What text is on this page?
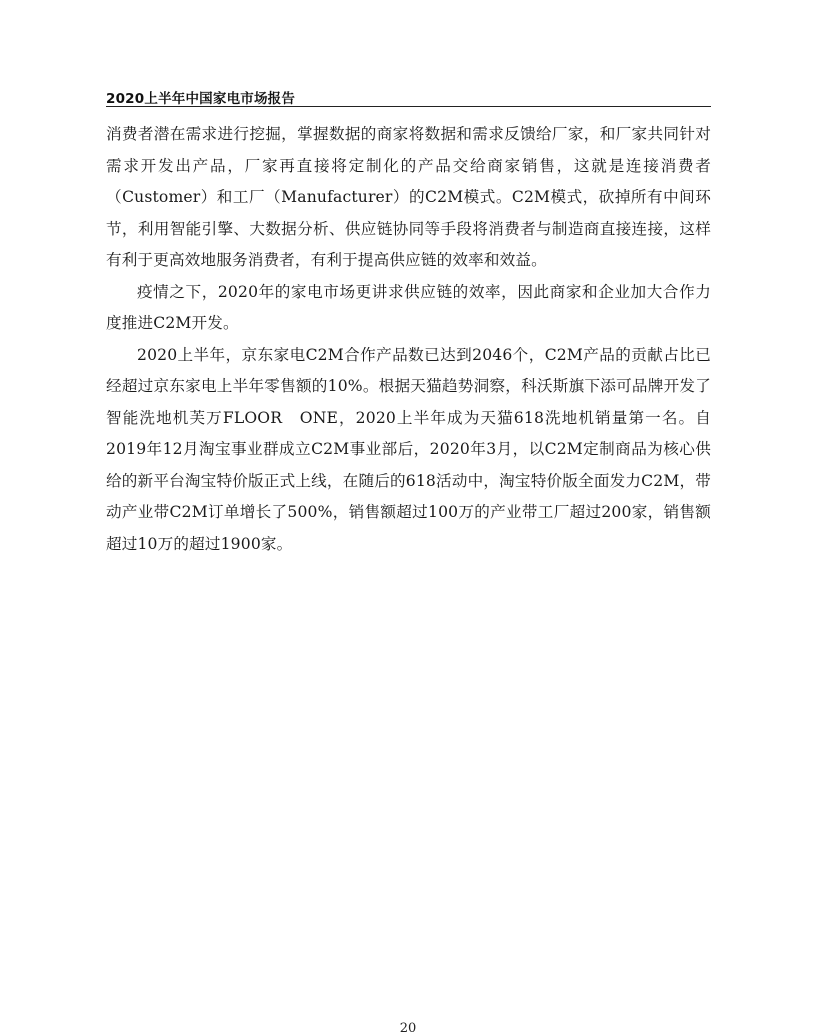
2020上半年中国家电市场报告

消费者潜在需求进行挖掘，掌握数据的商家将数据和需求反馈给厂家，和厂家共同针对需求开发出产品，厂家再直接将定制化的产品交给商家销售，这就是连接消费者（Customer）和工厂（Manufacturer）的C2M模式。C2M模式，砍掉所有中间环节，利用智能引擎、大数据分析、供应链协同等手段将消费者与制造商直接连接，这样有利于更高效地服务消费者，有利于提高供应链的效率和效益。

疫情之下，2020年的家电市场更讲求供应链的效率，因此商家和企业加大合作力度推进C2M开发。

2020上半年，京东家电C2M合作产品数已达到2046个，C2M产品的贡献占比已经超过京东家电上半年零售额的10%。根据天猫趋势洞察，科沃斯旗下添可品牌开发了智能洗地机芙万FLOOR　ONE，2020上半年成为天猫618洗地机销量第一名。自2019年12月淘宝事业群成立C2M事业部后，2020年3月，以C2M定制商品为核心供给的新平台淘宝特价版正式上线，在随后的618活动中，淘宝特价版全面发力C2M，带动产业带C2M订单增长了500%，销售额超过100万的产业带工厂超过200家，销售额超过10万的超过1900家。

20
